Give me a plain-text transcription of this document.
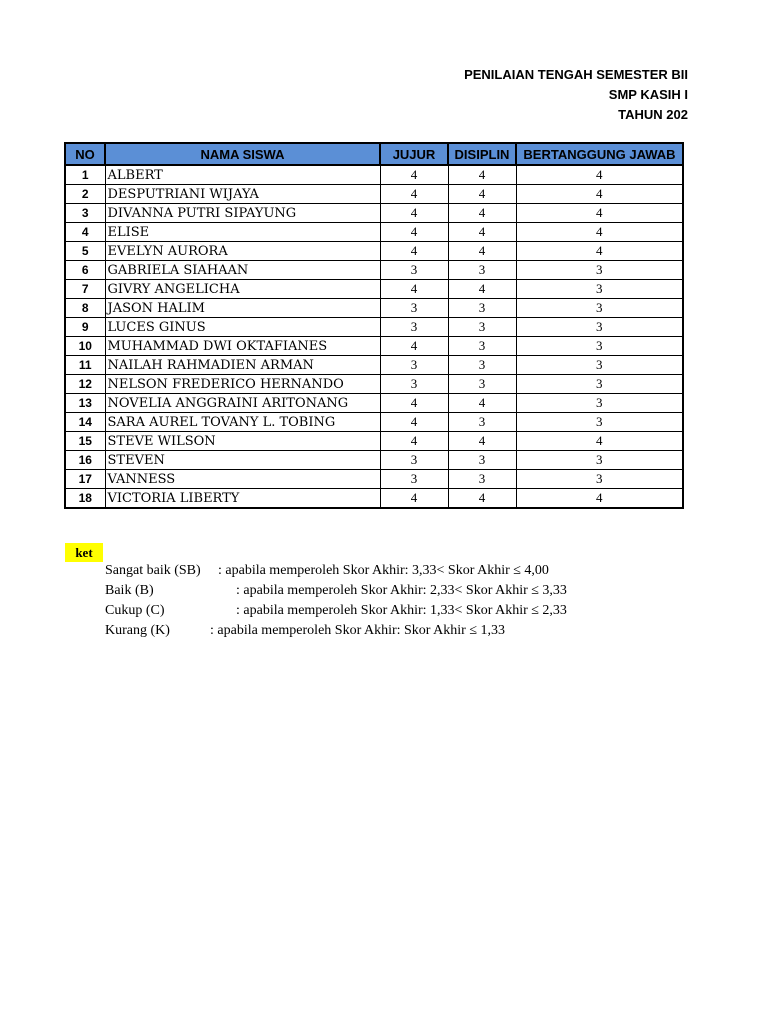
PENILAIAN TENGAH SEMESTER BII
SMP KASIH I
TAHUN 202
NO	NAMA SISWA	JUJUR	DISIPLIN	BERTANGGUNG JAWAB
1	ALBERT	4	4	4
2	DESPUTRIANI WIJAYA	4	4	4
3	DIVANNA PUTRI SIPAYUNG	4	4	4
4	ELISE	4	4	4
5	EVELYN AURORA	4	4	4
6	GABRIELA SIAHAAN	3	3	3
7	GIVRY ANGELICHA	4	4	3
8	JASON HALIM	3	3	3
9	LUCES GINUS	3	3	3
10	MUHAMMAD DWI OKTAFIANES	4	3	3
11	NAILAH RAHMADIEN ARMAN	3	3	3
12	NELSON FREDERICO HERNANDO	3	3	3
13	NOVELIA ANGGRAINI ARITONANG	4	4	3
14	SARA AUREL TOVANY L. TOBING	4	3	3
15	STEVE WILSON	4	4	4
16	STEVEN	3	3	3
17	VANNESS	3	3	3
18	VICTORIA LIBERTY	4	4	4
ket
Sangat baik (SB) : apabila memperoleh Skor Akhir: 3,33< Skor Akhir ≤ 4,00
Baik (B)	: apabila memperoleh Skor Akhir: 2,33< Skor Akhir ≤ 3,33
Cukup (C)	: apabila memperoleh Skor Akhir: 1,33< Skor Akhir ≤ 2,33
Kurang (K)	: apabila memperoleh Skor Akhir: Skor Akhir ≤ 1,33
